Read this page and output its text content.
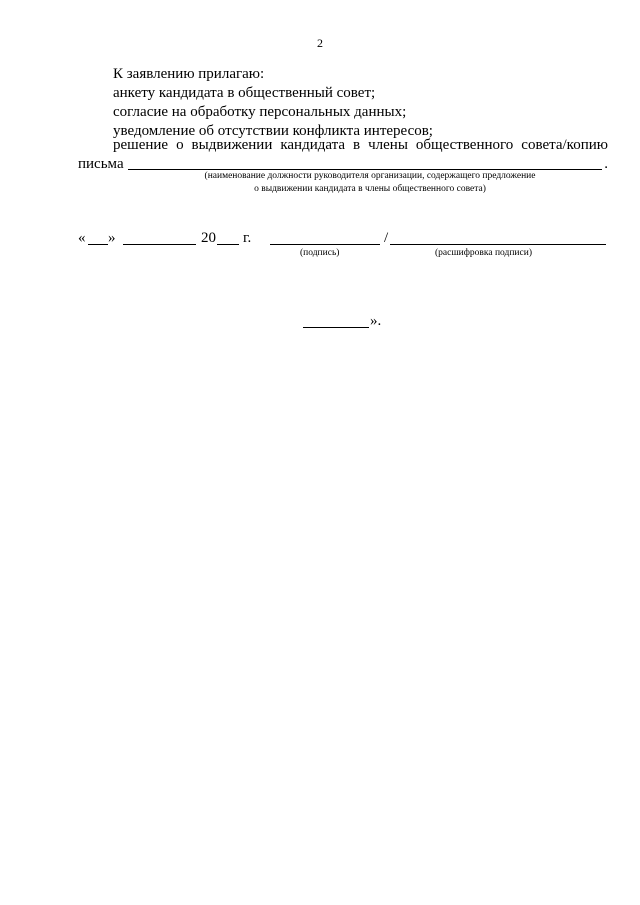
2
К заявлению прилагаю:
анкету кандидата в общественный совет;
согласие на обработку персональных данных;
уведомление об отсутствии конфликта интересов;
решение о выдвижении кандидата в члены общественного совета/копию
письма	.
(наименование должности руководителя организации, содержащего предложение
о выдвижении кандидата в члены общественного совета)
« »	20 г.	/
(подпись)	(расшифровка подписи)
».
